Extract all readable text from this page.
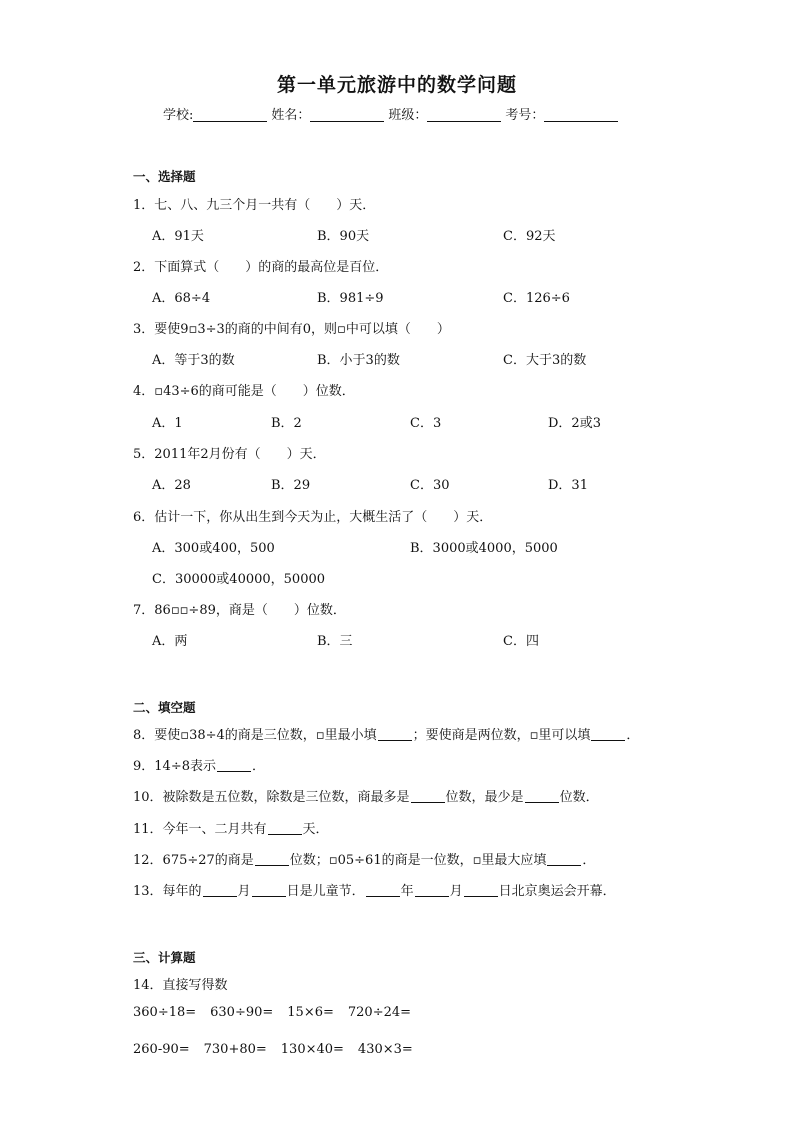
第一单元旅游中的数学问题
学校:	姓名：	班级：	考号：
一、选择题
1．七、八、九三个月一共有（　　）天．
A．91天	B．90天	C．92天
2．下面算式（　　）的商的最高位是百位．
A．68÷4	B．981÷9	C．126÷6
3．要使9▫3÷3的商的中间有0，则▫中可以填（　　）
A．等于3的数	B．小于3的数	C．大于3的数
4．▫43÷6的商可能是（　　）位数．
A．1	B．2	C．3	D．2或3
5．2011年2月份有（　　）天．
A．28	B．29	C．30	D．31
6．估计一下，你从出生到今天为止，大概生活了（　　）天．
A．300或400，500	B．3000或4000，5000
C．30000或40000，50000
7．86▫▫÷89，商是（　　）位数．
A．两	B．三	C．四
二、填空题
8．要使▫38÷4的商是三位数，▫里最小填	；要使商是两位数，▫里可以填	．
9．14÷8表示	．
10．被除数是五位数，除数是三位数，商最多是	位数，最少是	位数．
11．今年一、二月共有	天．
12．675÷27的商是	位数；▫05÷61的商是一位数，▫里最大应填	．
13．每年的	月	日是儿童节．	年	月	日北京奥运会开幕．
三、计算题
14．直接写得数
360÷18= 630÷90= 15×6= 720÷24=
260-90= 730+80= 130×40= 430×3=
